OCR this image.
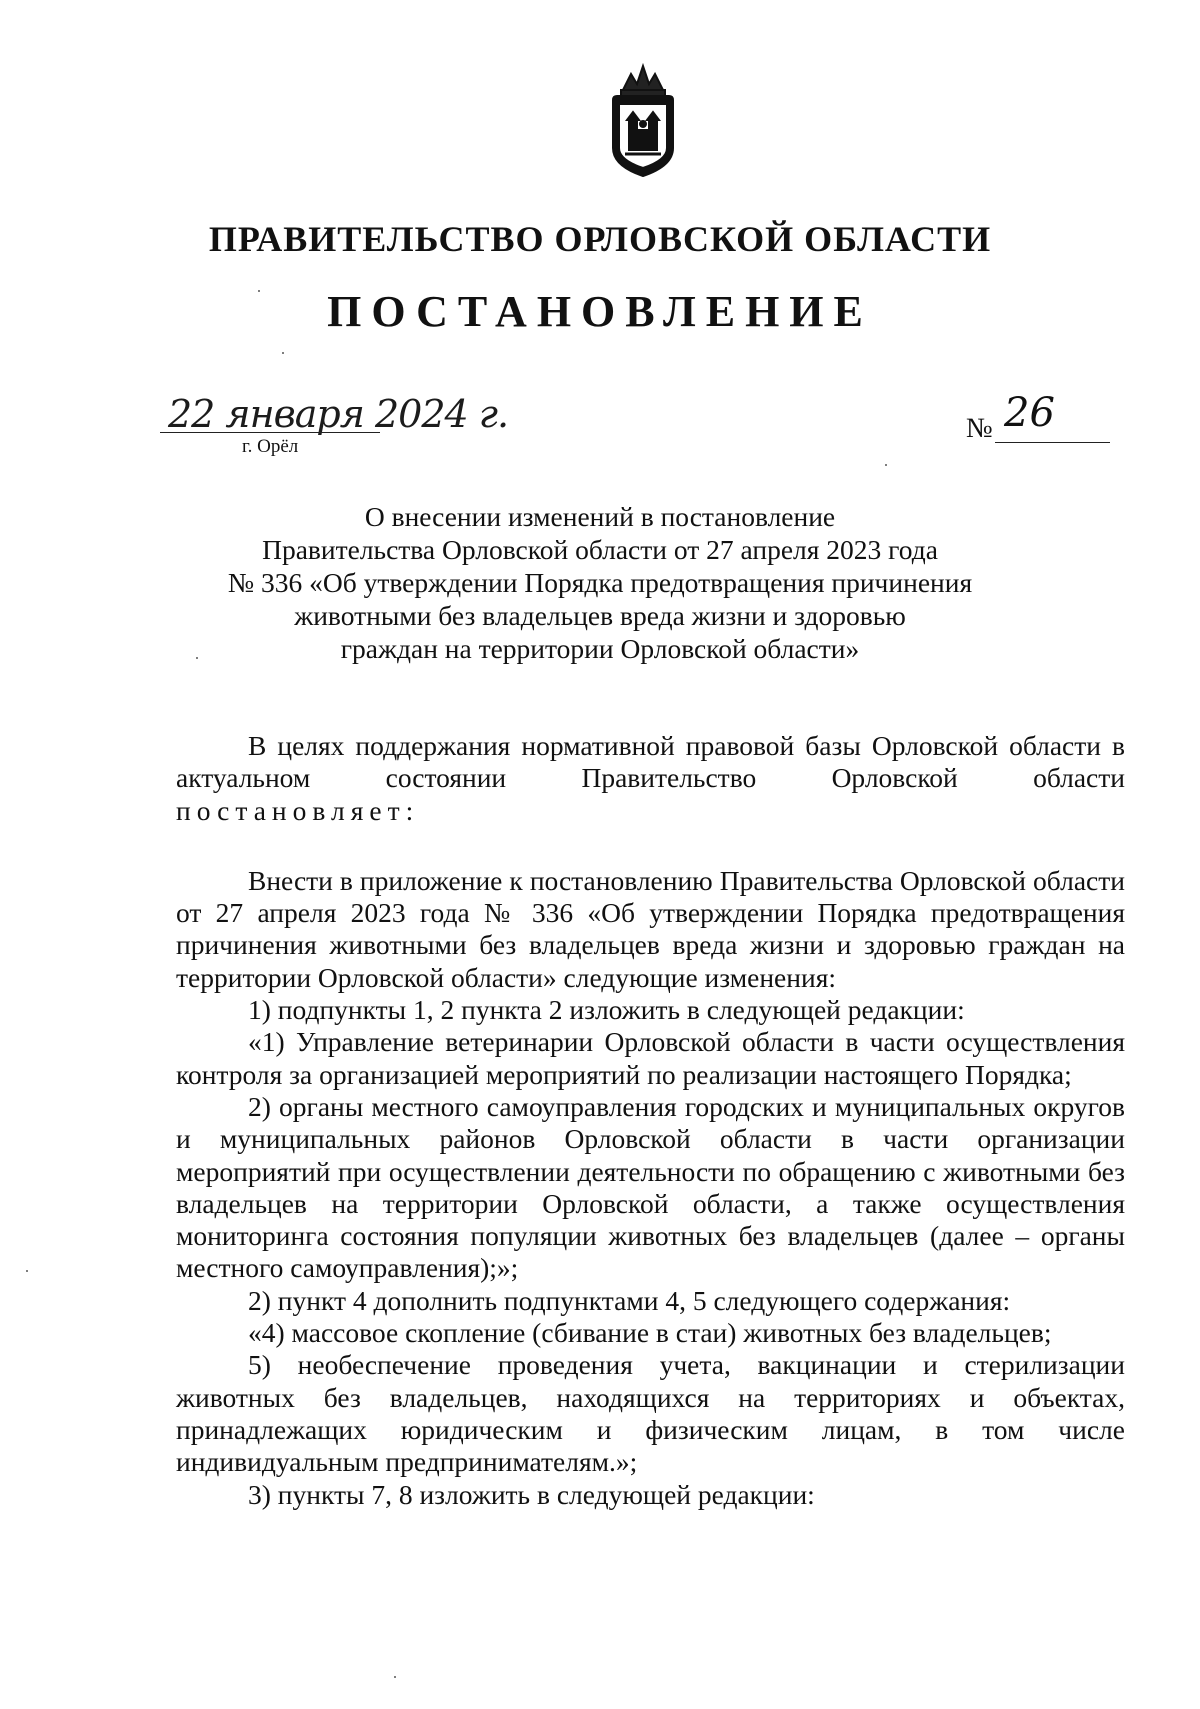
ПРАВИТЕЛЬСТВО ОРЛОВСКОЙ ОБЛАСТИ
ПОСТАНОВЛЕНИЕ
22 января 2024 г.
г. Орёл
№ 26
О внесении изменений в постановление
Правительства Орловской области от 27 апреля 2023 года
№ 336 «Об утверждении Порядка предотвращения причинения
животными без владельцев вреда жизни и здоровью
граждан на территории Орловской области»

В целях поддержания нормативной правовой базы Орловской области в актуальном состоянии Правительство Орловской области

постановляет:

Внести в приложение к постановлению Правительства Орловской области от 27 апреля 2023 года № 336 «Об утверждении Порядка предотвращения причинения животными без владельцев вреда жизни и здоровью граждан на территории Орловской области» следующие изменения:

1) подпункты 1, 2 пункта 2 изложить в следующей редакции:

«1) Управление ветеринарии Орловской области в части осуществления контроля за организацией мероприятий по реализации настоящего Порядка;

2) органы местного самоуправления городских и муниципальных округов и муниципальных районов Орловской области в части организации мероприятий при осуществлении деятельности по обращению с животными без владельцев на территории Орловской области, а также осуществления мониторинга состояния популяции животных без владельцев (далее – органы местного самоуправления);»;

2) пункт 4 дополнить подпунктами 4, 5 следующего содержания:

«4) массовое скопление (сбивание в стаи) животных без владельцев;

5) необеспечение проведения учета, вакцинации и стерилизации животных без владельцев, находящихся на территориях и объектах, принадлежащих юридическим и физическим лицам, в том числе индивидуальным предпринимателям.»;

3) пункты 7, 8 изложить в следующей редакции:
